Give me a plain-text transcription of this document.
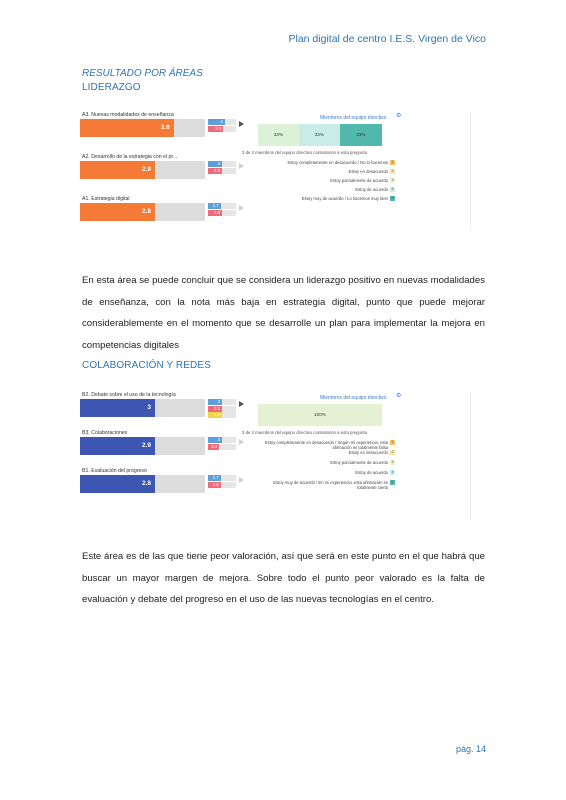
Plan digital de centro I.E.S. Virgen de Vico
RESULTADO POR ÁREAS
LIDERAZGO
A3. Nuevas modalidades de enseñanza
3.6
4
3.3
A2. Desarrollo de la estrategia con el pr...
2.9
3
2.9
A1. Estrategia digital
2.8
2.7
2.9
Miembros del equipo directivo ⚙
33%	33%	33%
3 de 3 miembros del equipo directivo contestaron a esta pregunta
Estoy completamente en desacuerdo / No lo hacemos 1
Estoy en desacuerdo 2
Estoy parcialmente de acuerdo 3
Estoy de acuerdo 4
Estoy muy de acuerdo / Lo hacemos muy bien 5
En esta área se puede concluir que se considera un liderazgo positivo en nuevas modalidades de enseñanza, con la nota más baja en estrategia digital, punto que puede mejorar considerablemente en el momento que se desarrolle un plan para implementar la mejora en competencias digitales
COLABORACIÓN Y REDES
B2. Debate sobre el uso de la tecnología
3
3
3.1
3.2
B3. Colaboraciones
2.9
3
2.4
B1. Evaluación del progreso
2.8
2.7
2.8
Miembros del equipo directivo ⚙
100%
3 de 3 miembros del equipo directivo contestaron a esta pregunta
Estoy completamente en desacuerdo / Según mi experiencia, esta afirmación es totalmente falsa
1
Estoy en desacuerdo 2
Estoy parcialmente de acuerdo 3
Estoy de acuerdo 4
Estoy muy de acuerdo / En mi experiencia, esta afirmación es totalmente cierta
5
Este área es de las que tiene peor valoración, así que será en este punto en el que habrá que buscar un mayor margen de mejora. Sobre todo el punto peor valorado es la falta de evaluación y debate del progreso en el uso de las nuevas tecnologías en el centro.
pág. 14
